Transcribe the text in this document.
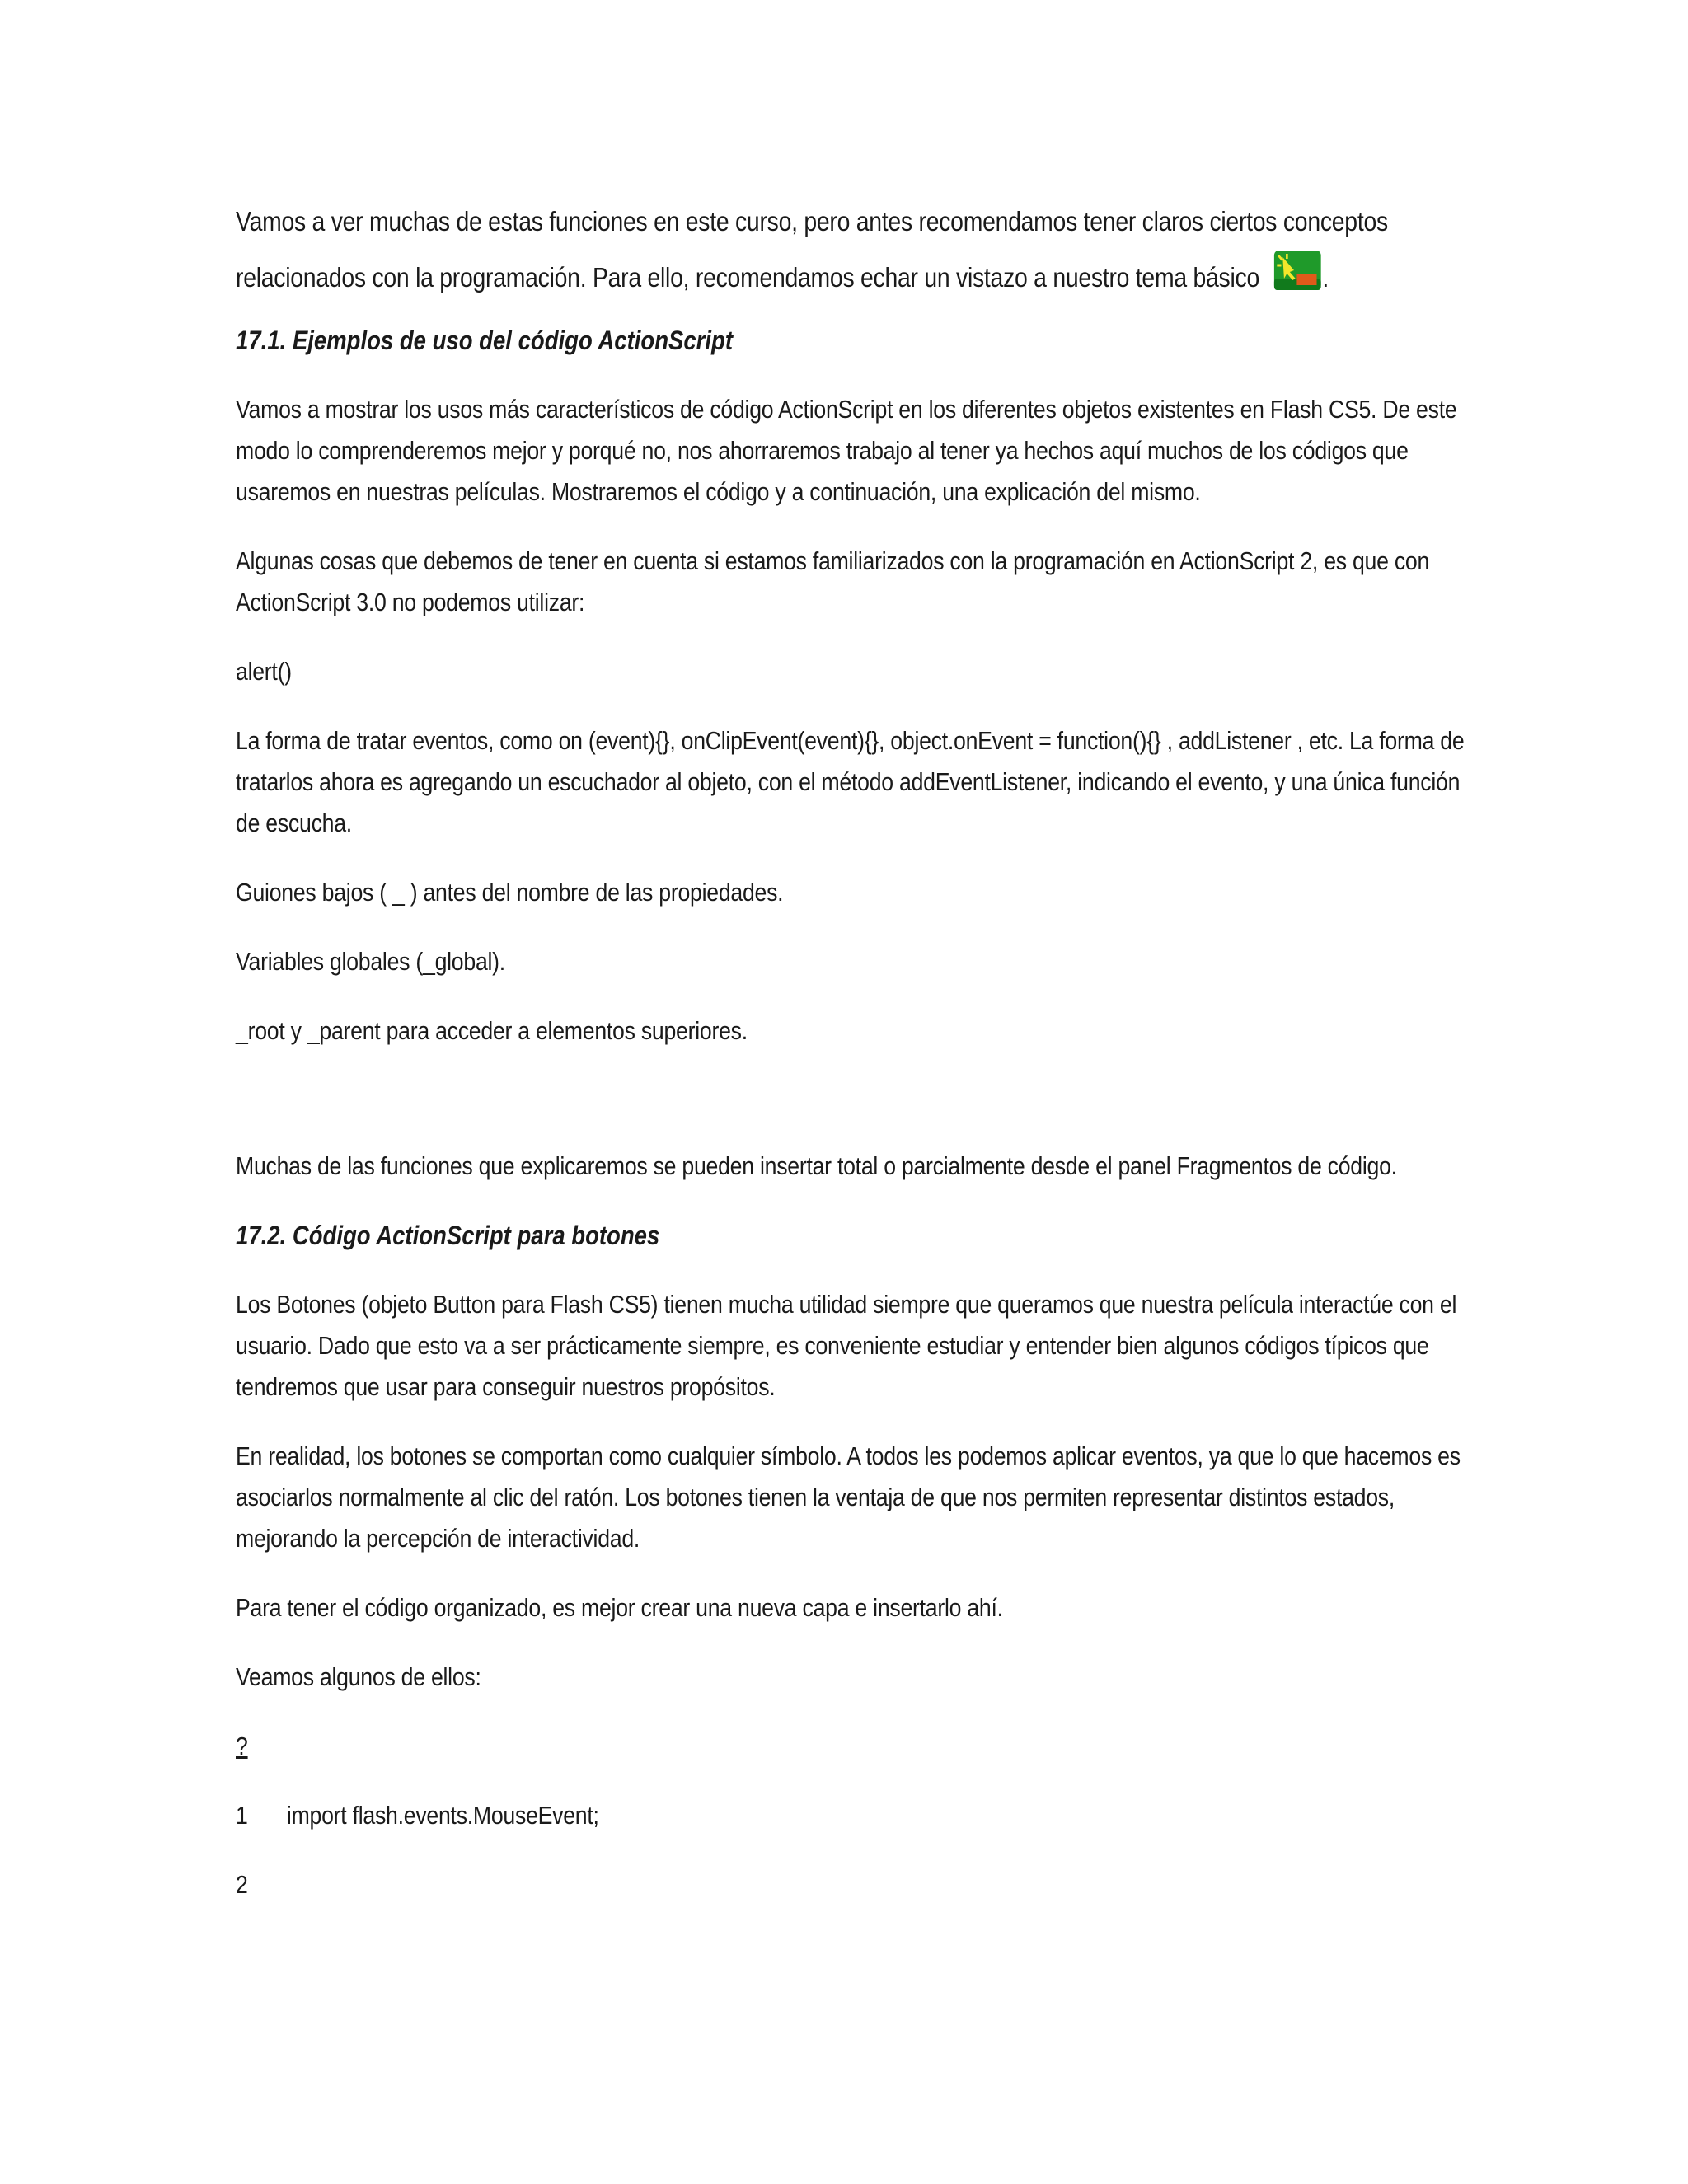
Vamos a ver muchas de estas funciones en este curso, pero antes recomendamos tener claros ciertos conceptos
relacionados con la programación. Para ello, recomendamos echar un vistazo a nuestro tema básico .

17.1. Ejemplos de uso del código ActionScript

Vamos a mostrar los usos más característicos de código ActionScript en los diferentes objetos existentes en Flash CS5. De este modo lo comprenderemos mejor y porqué no, nos ahorraremos trabajo al tener ya hechos aquí muchos de los códigos que usaremos en nuestras películas. Mostraremos el código y a continuación, una explicación del mismo.

Algunas cosas que debemos de tener en cuenta si estamos familiarizados con la programación en ActionScript 2, es que con ActionScript 3.0 no podemos utilizar:

alert()

La forma de tratar eventos, como on (event){}, onClipEvent(event){}, object.onEvent = function(){} , addListener , etc. La forma de tratarlos ahora es agregando un escuchador al objeto, con el método addEventListener, indicando el evento, y una única función de escucha.

Guiones bajos ( _ ) antes del nombre de las propiedades.

Variables globales (_global).

_root y _parent para acceder a elementos superiores.

Muchas de las funciones que explicaremos se pueden insertar total o parcialmente desde el panel Fragmentos de código.

17.2. Código ActionScript para botones

Los Botones (objeto Button para Flash CS5) tienen mucha utilidad siempre que queramos que nuestra película interactúe con el usuario. Dado que esto va a ser prácticamente siempre, es conveniente estudiar y entender bien algunos códigos típicos que tendremos que usar para conseguir nuestros propósitos.

En realidad, los botones se comportan como cualquier símbolo. A todos les podemos aplicar eventos, ya que lo que hacemos es asociarlos normalmente al clic del ratón. Los botones tienen la ventaja de que nos permiten representar distintos estados, mejorando la percepción de interactividad.

Para tener el código organizado, es mejor crear una nueva capa e insertarlo ahí.

Veamos algunos de ellos:

?

1	import flash.events.MouseEvent;

2
